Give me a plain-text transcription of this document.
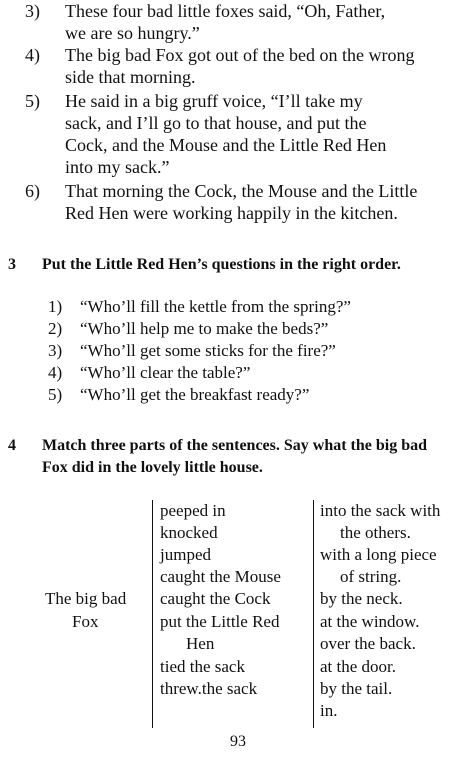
3) These four bad little foxes said, “Oh, Father,
we are so hungry.”
4) The big bad Fox got out of the bed on the wrong
side that morning.
5) He said in a big gruff voice, “I’ll take my
sack, and I’ll go to that house, and put the
Cock, and the Mouse and the Little Red Hen
into my sack.”
6) That morning the Cock, the Mouse and the Little
Red Hen were working happily in the kitchen.
3 Put the Little Red Hen’s questions in the right order.
1) “Who’ll fill the kettle from the spring?”
2) “Who’ll help me to make the beds?”
3) “Who’ll get some sticks for the fire?”
4) “Who’ll clear the table?”
5) “Who’ll get the breakfast ready?”
4 Match three parts of the sentences. Say what the big bad
Fox did in the lovely little house.
The big bad
Fox
peeped in
knocked
jumped
caught the Mouse
caught the Cock
put the Little Red
Hen
tied the sack
threw.the sack
into the sack with
the others.
with a long piece
of string.
by the neck.
at the window.
over the back.
at the door.
by the tail.
in.
93
